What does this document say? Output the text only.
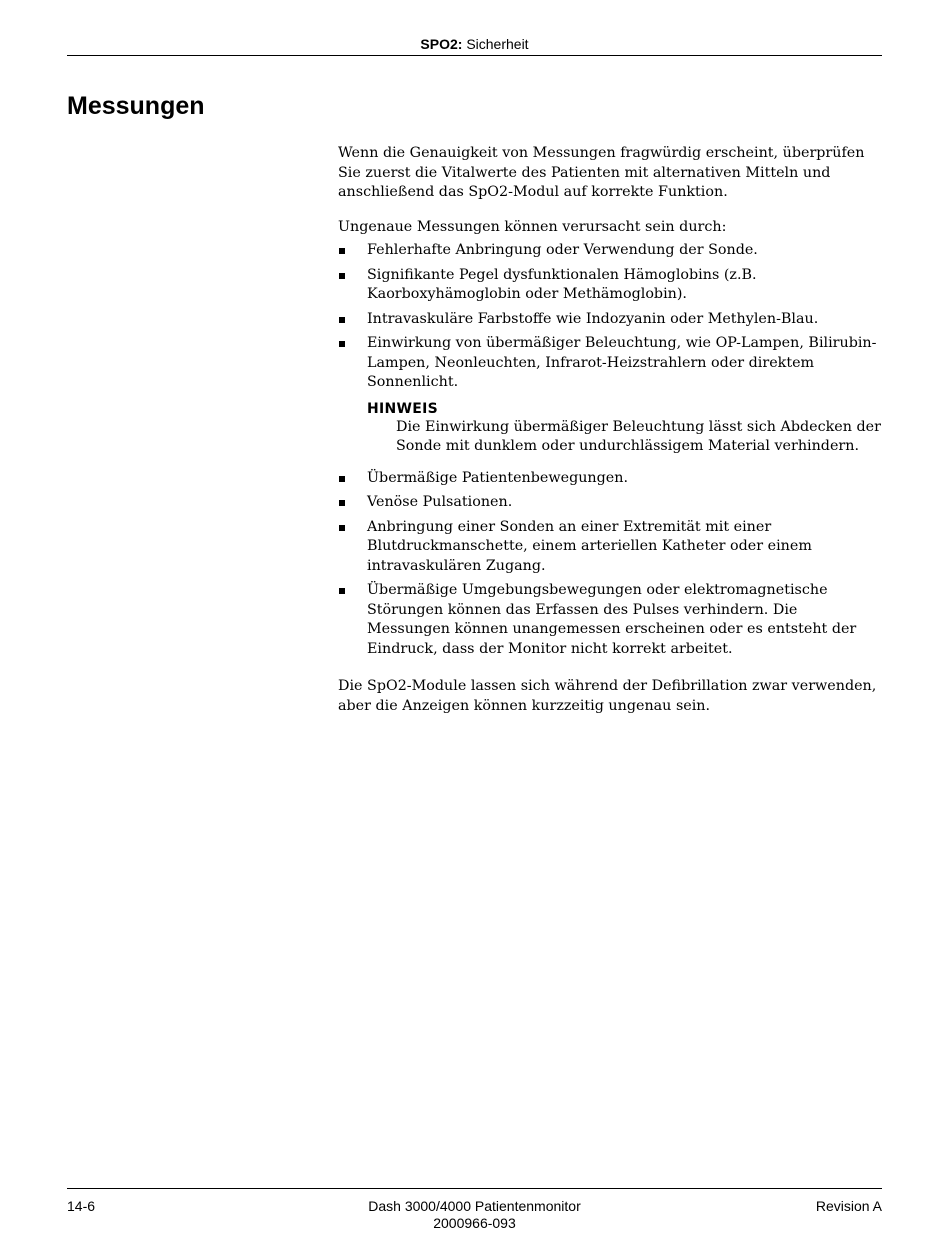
SPO2: Sicherheit
Messungen

Wenn die Genauigkeit von Messungen fragwürdig erscheint, überprüfen Sie zuerst die Vitalwerte des Patienten mit alternativen Mitteln und anschließend das SpO2-Modul auf korrekte Funktion.

Ungenaue Messungen können verursacht sein durch:

Fehlerhafte Anbringung oder Verwendung der Sonde.
Signifikante Pegel dysfunktionalen Hämoglobins (z.B. Kaorboxyhämoglobin oder Methämoglobin).
Intravaskuläre Farbstoffe wie Indozyanin oder Methylen-Blau.
Einwirkung von übermäßiger Beleuchtung, wie OP-Lampen, Bilirubin-Lampen, Neonleuchten, Infrarot-Heizstrahlern oder direktem Sonnenlicht.
HINWEIS
Die Einwirkung übermäßiger Beleuchtung lässt sich Abdecken der Sonde mit dunklem oder undurchlässigem Material verhindern.
Übermäßige Patientenbewegungen.
Venöse Pulsationen.
Anbringung einer Sonden an einer Extremität mit einer Blutdruckmanschette, einem arteriellen Katheter oder einem intravaskulären Zugang.
Übermäßige Umgebungsbewegungen oder elektromagnetische Störungen können das Erfassen des Pulses verhindern. Die Messungen können unangemessen erscheinen oder es entsteht der Eindruck, dass der Monitor nicht korrekt arbeitet.

Die SpO2-Module lassen sich während der Defibrillation zwar verwenden, aber die Anzeigen können kurzzeitig ungenau sein.

14-6	Dash 3000/4000 Patientenmonitor
2000966-093
Revision A
